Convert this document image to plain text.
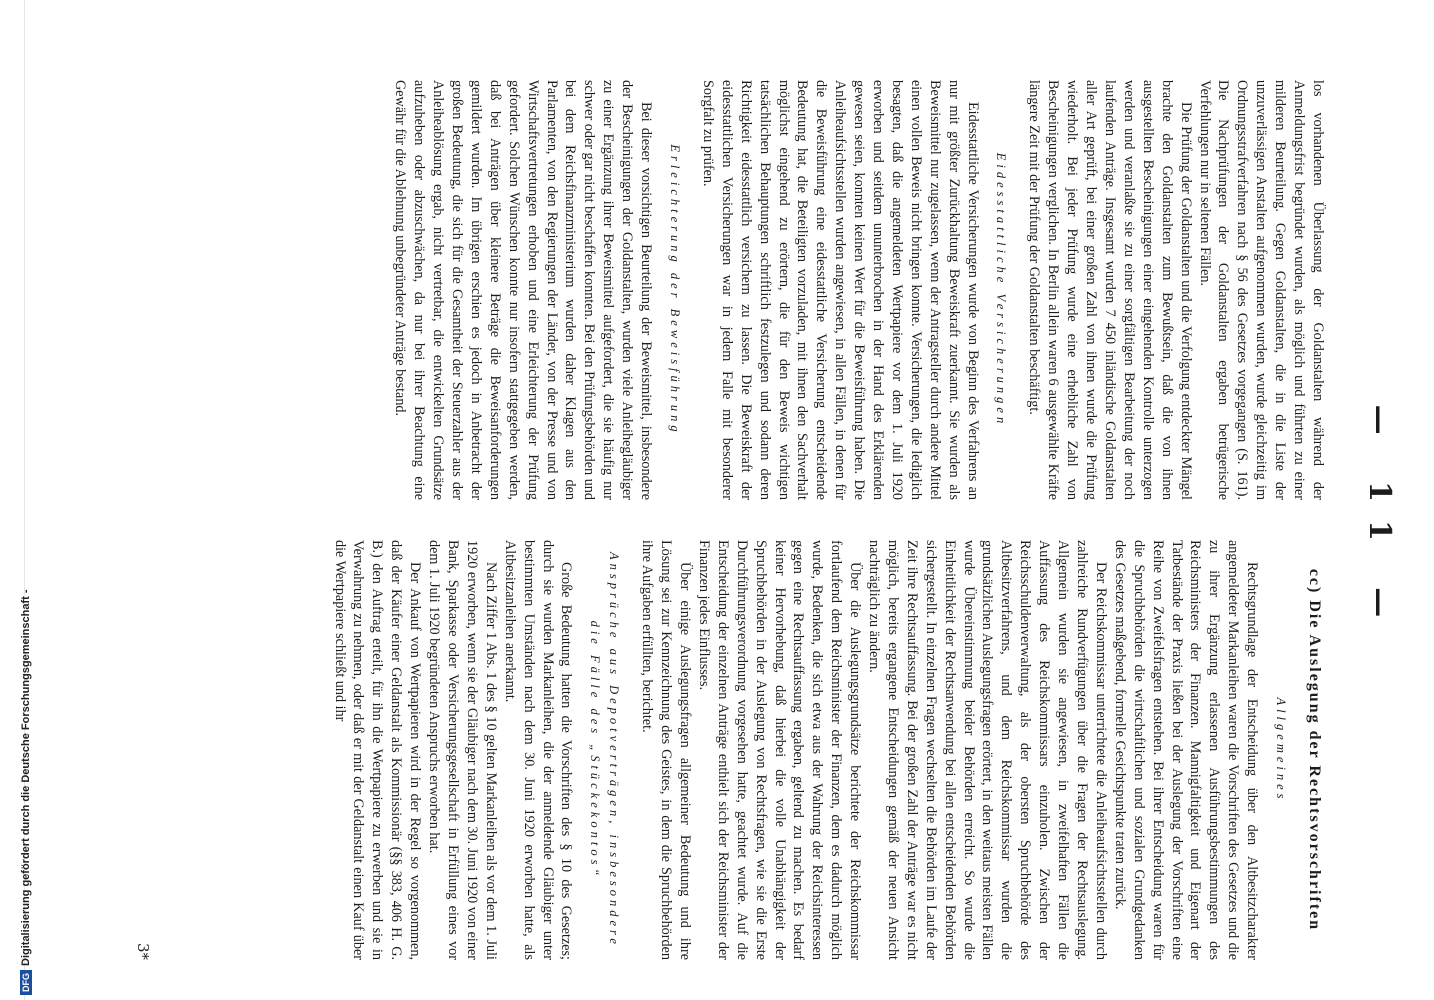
DFG
Digitalisierung gefördert durch die Deutsche Forschungsgemeinschaft -
— 11 —

los vorhandenen Überlassung der Goldanstalten während der Anmeldungsfrist begründet wurden, als möglich und führten zu einer milderen Beurteilung. Gegen Goldanstalten, die in die Liste der unzuverlässigen Anstalten aufgenommen wurden, wurde gleichzeitig im Ordnungsstrafverfahren nach § 56 des Gesetzes vorgegangen (S. 161). Die Nachprüfungen der Goldanstalten ergaben betrügerische Verfehlungen nur in seltenen Fällen.

Die Prüfung der Goldanstalten und die Verfolgung entdeckter Mängel brachte den Goldanstalten zum Bewußtsein, daß die von ihnen ausgestellten Bescheinigungen einer eingehenden Kontrolle unterzogen werden und veranlaßte sie zu einer sorgfältigen Bearbeitung der noch laufenden Anträge. Insgesamt wurden 7 450 inländische Goldanstalten aller Art geprüft, bei einer großen Zahl von ihnen wurde die Prüfung wiederholt. Bei jeder Prüfung wurde eine erhebliche Zahl von Bescheinigungen verglichen. In Berlin allein waren 6 ausgewählte Kräfte längere Zeit mit der Prüfung der Goldanstalten beschäftigt.

Eidesstattliche Versicherungen

Eidesstattliche Versicherungen wurde von Beginn des Verfahrens an nur mit größter Zurückhaltung Beweiskraft zuerkannt. Sie wurden als Beweismittel nur zugelassen, wenn der Antragsteller durch andere Mittel einen vollen Beweis nicht bringen konnte. Versicherungen, die lediglich besagten, daß die angemeldeten Wertpapiere vor dem 1. Juli 1920 erworben und seitdem ununterbrochen in der Hand des Erklärenden gewesen seien, konnten keinen Wert für die Beweisführung haben. Die Anleiheaufsichtsstellen wurden angewiesen, in allen Fällen, in denen für die Beweisführung eine eidesstattliche Versicherung entscheidende Bedeutung hat, die Beteiligten vorzuladen, mit ihnen den Sachverhalt möglichst eingehend zu erörtern, die für den Beweis wichtigen tatsächlichen Behauptungen schriftlich festzulegen und sodann deren Richtigkeit eidesstattlich versichern zu lassen. Die Beweiskraft der eidesstattlichen Versicherungen war in jedem Falle mit besonderer Sorgfalt zu prüfen.

Erleichterung der Beweisführung

Bei dieser vorsichtigen Beurteilung der Beweismittel, insbesondere der Bescheinigungen der Goldanstalten, wurden viele Anleihegläubiger zu einer Ergänzung ihrer Beweismittel aufgefordert, die sie häufig nur schwer oder gar nicht beschaffen konnten. Bei den Prüfungsbehörden und bei dem Reichsfinanzministerium wurden daher Klagen aus den Parlamenten, von den Regierungen der Länder, von der Presse und von Wirtschaftsvertretungen erhoben und eine Erleichterung der Prüfung gefordert. Solchen Wünschen konnte nur insofern stattgegeben werden, daß bei Anträgen über kleinere Beträge die Beweisanforderungen gemildert wurden. Im übrigen erschien es jedoch in Anbetracht der großen Bedeutung, die sich für die Gesamtheit der Steuerzahler aus der Anleiheablösung ergab, nicht vertretbar, die entwickelten Grundsätze aufzuheben oder abzuschwächen, da nur bei ihrer Beachtung eine Gewähr für die Ablehnung unbegründeter Anträge bestand.

cc) Die Auslegung der Rechtsvorschriften
Allgemeines

Rechtsgrundlage der Entscheidung über den Altbesitzcharakter angemeldeter Markanleihen waren die Vorschriften des Gesetzes und die zu ihrer Ergänzung erlassenen Ausführungsbestimmungen des Reichsministers der Finanzen. Mannigfaltigkeit und Eigenart der Tatbestände der Praxis ließen bei der Auslegung der Vorschriften eine Reihe von Zweifelsfragen entstehen. Bei ihrer Entscheidung waren für die Spruchbehörden die wirtschaftlichen und sozialen Grundgedanken des Gesetzes maßgebend, formelle Gesichtspunkte traten zurück.

Der Reichskommissar unterrichtete die Anleiheaufsichtsstellen durch zahlreiche Rundverfügungen über die Fragen der Rechtsauslegung. Allgemein wurden sie angewiesen, in zweifelhaften Fällen die Auffassung des Reichskommissars einzuholen. Zwischen der Reichsschuldenverwaltung, als der obersten Spruchbehörde des Altbesitzverfahrens, und dem Reichskommissar wurden die grundsätzlichen Auslegungsfragen erörtert, in den weitaus meisten Fällen wurde Übereinstimmung beider Behörden erreicht. So wurde die Einheitlichkeit der Rechtsanwendung bei allen entscheidenden Behörden sichergestellt. In einzelnen Fragen wechselten die Behörden im Laufe der Zeit ihre Rechtsauffassung. Bei der großen Zahl der Anträge war es nicht möglich, bereits ergangene Entscheidungen gemäß der neuen Ansicht nachträglich zu ändern.

Über die Auslegungsgrundsätze berichtete der Reichskommissar fortlaufend dem Reichsminister der Finanzen, dem es dadurch möglich wurde, Bedenken, die sich etwa aus der Wahrung der Reichsinteressen gegen eine Rechtsauffassung ergaben, geltend zu machen. Es bedarf keiner Hervorhebung, daß hierbei die volle Unabhängigkeit der Spruchbehörden in der Auslegung von Rechtsfragen, wie sie die Erste Durchführungsverordnung vorgesehen hatte, geachtet wurde. Auf die Entscheidung der einzelnen Anträge enthielt sich der Reichsminister der Finanzen jedes Einflusses.

Über einige Auslegungsfragen allgemeiner Bedeutung und ihre Lösung sei zur Kennzeichnung des Geistes, in dem die Spruchbehörden ihre Aufgaben erfüllten, berichtet.

Ansprüche aus Depotverträgen, insbesondere die Fälle des „Stückekontos“

Große Bedeutung hatten die Vorschriften des § 10 des Gesetzes; durch sie wurden Markanleihen, die der anmeldende Gläubiger unter bestimmten Umständen nach dem 30. Juni 1920 erworben hatte, als Altbesitzanleihen anerkannt.

Nach Ziffer 1 Abs. 1 des § 10 gelten Markanleihen als vor dem 1. Juli 1920 erworben, wenn sie der Gläubiger nach dem 30. Juni 1920 von einer Bank, Sparkasse oder Versicherungsgesellschaft in Erfüllung eines vor dem 1. Juli 1920 begründeten Anspruchs erworben hat.

Der Ankauf von Wertpapieren wird in der Regel so vorgenommen, daß der Käufer einer Geldanstalt als Kommissionär (§§ 383, 406 H. G. B.) den Auftrag erteilt, für ihn die Wertpapiere zu erwerben und sie in Verwahrung zu nehmen, oder daß er mit der Geldanstalt einen Kauf über die Wertpapiere schließt und ihr

3*
